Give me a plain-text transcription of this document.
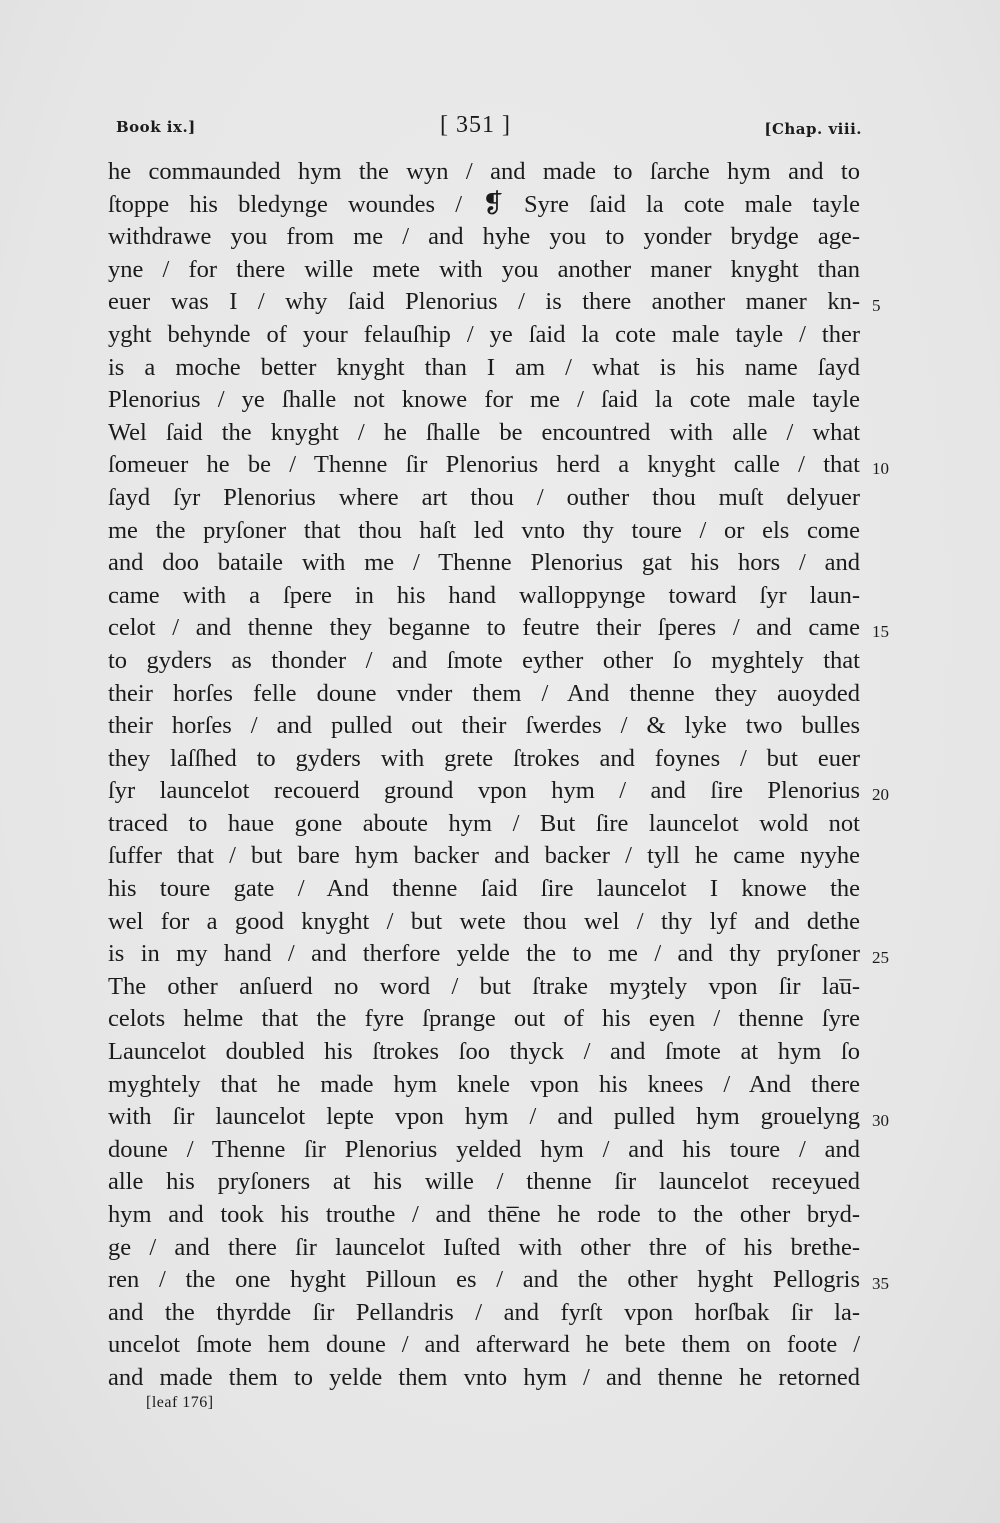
Book ix.]	[ 351 ]	[Chap. viii.
he commaunded hym the wyn / and made to ſarche hym and to
ſtoppe his bledynge woundes / ❡ Syre ſaid la cote male tayle
withdrawe you from me / and hyhe you to yonder brydge age-
yne / for there wille mete with you another maner knyght than
euer was I / why ſaid Plenorius / is there another maner kn- 5
yght behynde of your felauſhip / ye ſaid la cote male tayle / ther
is a moche better knyght than I am / what is his name ſayd
Plenorius / ye ſhalle not knowe for me / ſaid la cote male tayle
Wel ſaid the knyght / he ſhalle be encountred with alle / what
ſomeuer he be / Thenne ſir Plenorius herd a knyght calle / that 10
ſayd ſyr Plenorius where art thou / outher thou muſt delyuer
me the pryſoner that thou haſt led vnto thy toure / or els come
and doo bataile with me / Thenne Plenorius gat his hors / and
came with a ſpere in his hand walloppynge toward ſyr laun-
celot / and thenne they beganne to feutre their ſperes / and came 15
to gyders as thonder / and ſmote eyther other ſo myghtely that
their horſes felle doune vnder them / And thenne they auoyded
their horſes / and pulled out their ſwerdes / & lyke two bulles
they laſſhed to gyders with grete ſtrokes and foynes / but euer
ſyr launcelot recouerd ground vpon hym / and ſire Plenorius 20
traced to haue gone aboute hym / But ſire launcelot wold not
ſuffer that / but bare hym backer and backer / tyll he came nyyhe
his toure gate / And thenne ſaid ſire launcelot I knowe the
wel for a good knyght / but wete thou wel / thy lyf and dethe
is in my hand / and therfore yelde the to me / and thy pryſoner 25
The other anſuerd no word / but ſtrake myȝtely vpon ſir lau̅-
celots helme that the fyre ſprange out of his eyen / thenne ſyre
Launcelot doubled his ſtrokes ſoo thyck / and ſmote at hym ſo
myghtely that he made hym knele vpon his knees / And there
with ſir launcelot lepte vpon hym / and pulled hym grouelyng 30
doune / Thenne ſir Plenorius yelded hym / and his toure / and
alle his pryſoners at his wille / thenne ſir launcelot receyued
hym and took his trouthe / and the̅ne he rode to the other bryd-
ge / and there ſir launcelot Iuſted with other thre of his brethe-
ren / the one hyght Pilloun es / and the other hyght Pellogris 35
and the thyrdde ſir Pellandris / and fyrſt vpon horſbak ſir la-
uncelot ſmote hem doune / and afterward he bete them on foote /
and made them to yelde them vnto hym / and thenne he retorned
[leaf 176]
